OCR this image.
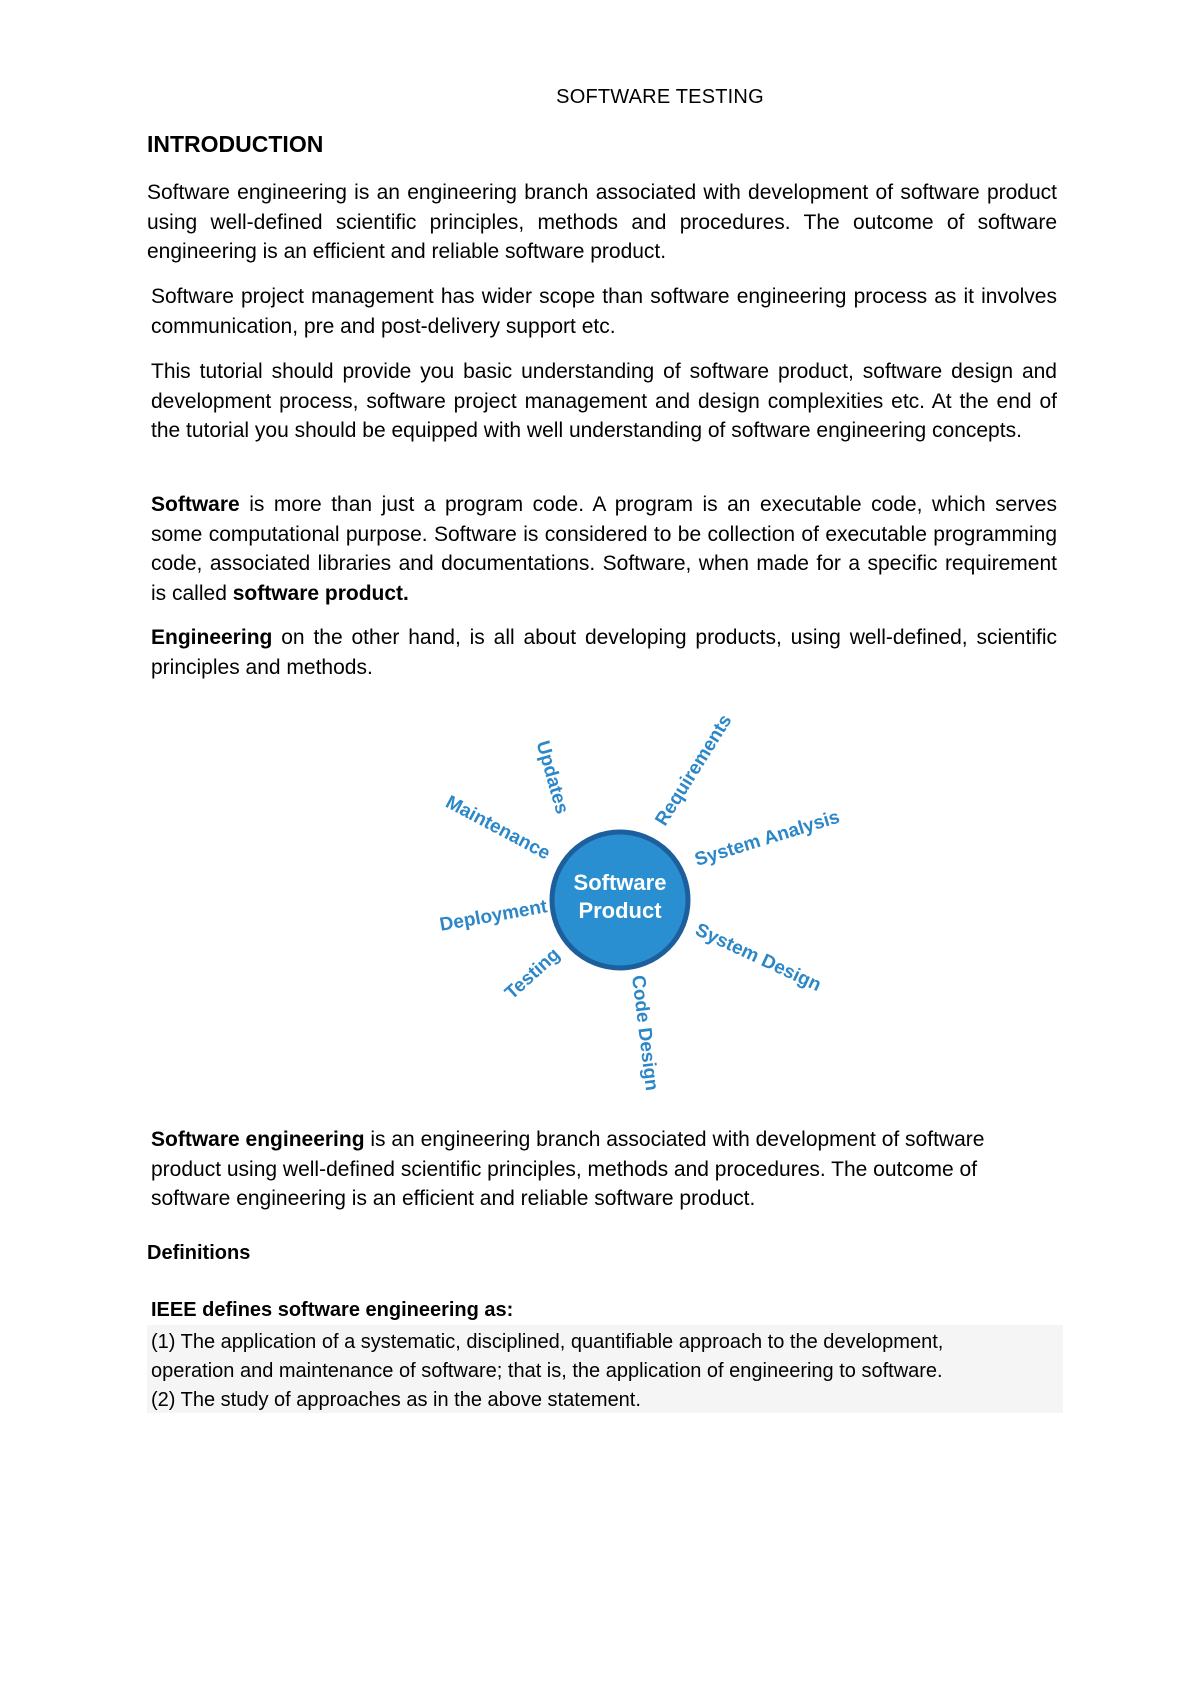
SOFTWARE TESTING
INTRODUCTION

Software engineering is an engineering branch associated with development of software product using well-defined scientific principles, methods and procedures. The outcome of software engineering is an efficient and reliable software product.

Software project management has wider scope than software engineering process as it involves communication, pre and post-delivery support etc.

This tutorial should provide you basic understanding of software product, software design and development process, software project management and design complexities etc. At the end of the tutorial you should be equipped with well understanding of software engineering concepts.

Software is more than just a program code. A program is an executable code, which serves some computational purpose. Software is considered to be collection of executable programming code, associated libraries and documentations. Software, when made for a specific requirement is called software product.

Engineering on the other hand, is all about developing products, using well-defined, scientific principles and methods.

Software
Product
Updates	Requirements
System Analysis
System Design
Code Design
Testing
Deployment
Maintenance

Software engineering is an engineering branch associated with development of software product using well-defined scientific principles, methods and procedures. The outcome of software engineering is an efficient and reliable software product.

Definitions
IEEE defines software engineering as:
(1) The application of a systematic, disciplined, quantifiable approach to the development,
operation and maintenance of software; that is, the application of engineering to software.
(2) The study of approaches as in the above statement.
